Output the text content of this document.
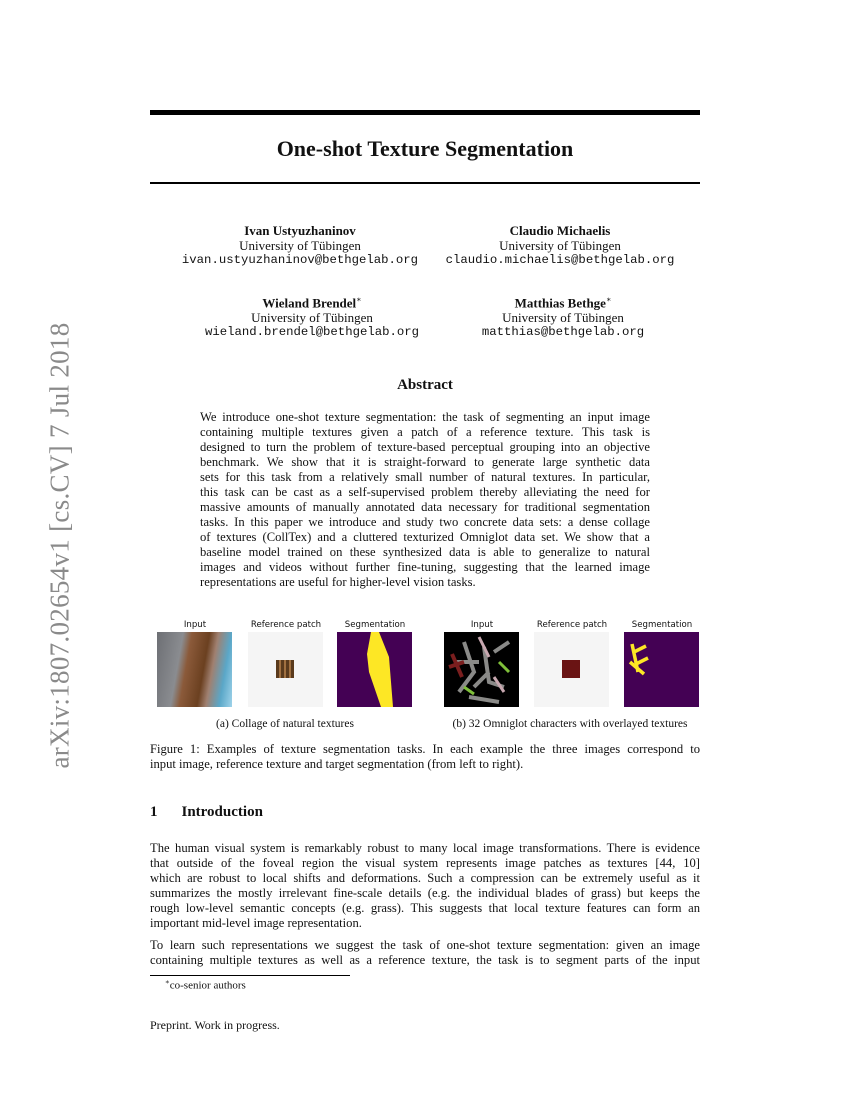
arXiv:1807.02654v1 [cs.CV] 7 Jul 2018
One-shot Texture Segmentation
Ivan Ustyuzhaninov
University of Tübingen
ivan.ustyuzhaninov@bethgelab.org
Claudio Michaelis
University of Tübingen
claudio.michaelis@bethgelab.org
Wieland Brendel∗
University of Tübingen
wieland.brendel@bethgelab.org
Matthias Bethge∗
University of Tübingen
matthias@bethgelab.org
Abstract
We introduce one-shot texture segmentation: the task of segmenting an input image
containing multiple textures given a patch of a reference texture. This task is
designed to turn the problem of texture-based perceptual grouping into an objective
benchmark. We show that it is straight-forward to generate large synthetic data
sets for this task from a relatively small number of natural textures. In particular,
this task can be cast as a self-supervised problem thereby alleviating the need for
massive amounts of manually annotated data necessary for traditional segmentation
tasks. In this paper we introduce and study two concrete data sets: a dense collage
of textures (CollTex) and a cluttered texturized Omniglot data set. We show that a
baseline model trained on these synthesized data is able to generalize to natural
images and videos without further fine-tuning, suggesting that the learned image
representations are useful for higher-level vision tasks.
Input	Reference patch	Segmentation	Input	Reference patch	Segmentation
(a) Collage of natural textures	(b) 32 Omniglot characters with overlayed textures
Figure 1: Examples of texture segmentation tasks. In each example the three images correspond to
input image, reference texture and target segmentation (from left to right).
1 Introduction
The human visual system is remarkably robust to many local image transformations. There is evidence
that outside of the foveal region the visual system represents image patches as textures [44, 10]
which are robust to local shifts and deformations. Such a compression can be extremely useful as it
summarizes the mostly irrelevant fine-scale details (e.g. the individual blades of grass) but keeps the
rough low-level semantic concepts (e.g. grass). This suggests that local texture features can form an
important mid-level image representation.
To learn such representations we suggest the task of one-shot texture segmentation: given an image
containing multiple textures as well as a reference texture, the task is to segment parts of the input
∗co-senior authors
Preprint. Work in progress.
